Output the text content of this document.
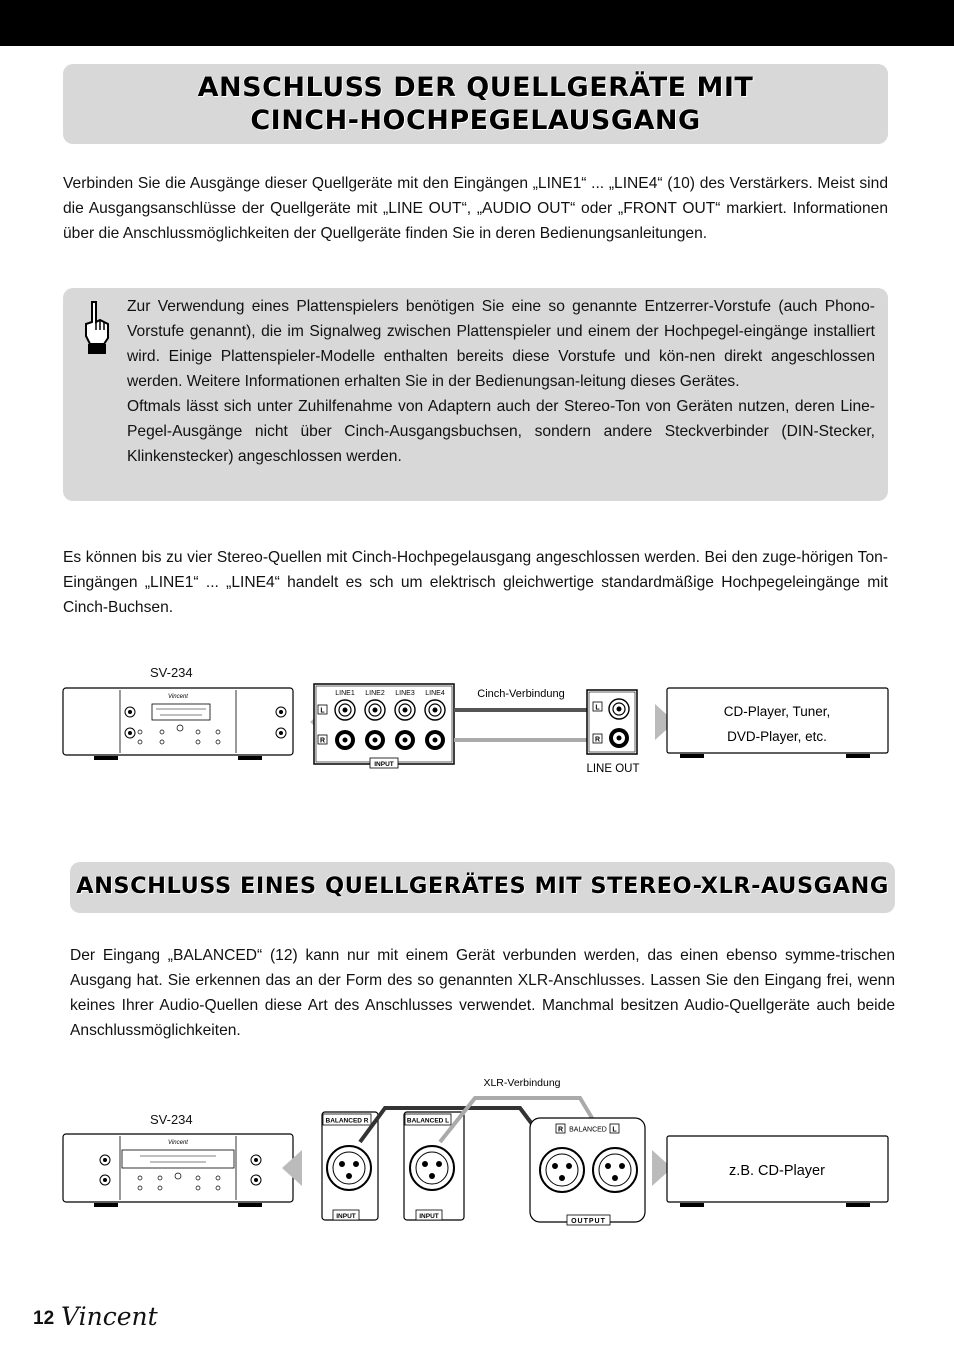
ANSCHLUSS DER QUELLGERÄTE MIT
CINCH-HOCHPEGELAUSGANG
Verbinden Sie die Ausgänge dieser Quellgeräte mit den Eingängen „LINE1“ ... „LINE4“ (10) des Verstärkers. Meist sind die Ausgangsanschlüsse der Quellgeräte mit „LINE OUT“, „AUDIO OUT“ oder „FRONT OUT“ markiert. Informationen über die Anschlussmöglichkeiten der Quellgeräte finden Sie in deren Bedienungsanleitungen.

Zur Verwendung eines Plattenspielers benötigen Sie eine so genannte Entzerrer-Vorstufe (auch Phono-Vorstufe genannt), die im Signalweg zwischen Plattenspieler und einem der Hochpegel-eingänge installiert wird. Einige Plattenspieler-Modelle enthalten bereits diese Vorstufe und kön-nen direkt angeschlossen werden. Weitere Informationen erhalten Sie in der Bedienungsan-leitung dieses Gerätes.

Oftmals lässt sich unter Zuhilfenahme von Adaptern auch der Stereo-Ton von Geräten nutzen, deren Line-Pegel-Ausgänge nicht über Cinch-Ausgangsbuchsen, sondern andere Steckverbinder (DIN-Stecker, Klinkenstecker) angeschlossen werden.

Es können bis zu vier Stereo-Quellen mit Cinch-Hochpegelausgang angeschlossen werden. Bei den zuge-hörigen Ton-Eingängen „LINE1“ ... „LINE4“ handelt es sch um elektrisch gleichwertige standardmäßige Hochpegeleingänge mit Cinch-Buchsen.
SV-234
Vincent	LINE1 LINE2 LINE3 LINE4
L
R
INPUT
Cinch-Verbindung
L
R
LINE OUT
CD-Player, Tuner,
DVD-Player, etc.
ANSCHLUSS EINES QUELLGERÄTES MIT STEREO-XLR-AUSGANG
Der Eingang „BALANCED“ (12) kann nur mit einem Gerät verbunden werden, das einen ebenso symme-trischen Ausgang hat. Sie erkennen das an der Form des so genannten XLR-Anschlusses. Lassen Sie den Eingang frei, wenn keines Ihrer Audio-Quellen diese Art des Anschlusses verwendet. Manchmal besitzen Audio-Quellgeräte auch beide Anschlussmöglichkeiten.
SV-234
Vincent
BALANCED R
INPUT
BALANCED L
INPUT
XLR-Verbindung
R BALANCED L
OUTPUT
z.B. CD-Player
12 Vincent
